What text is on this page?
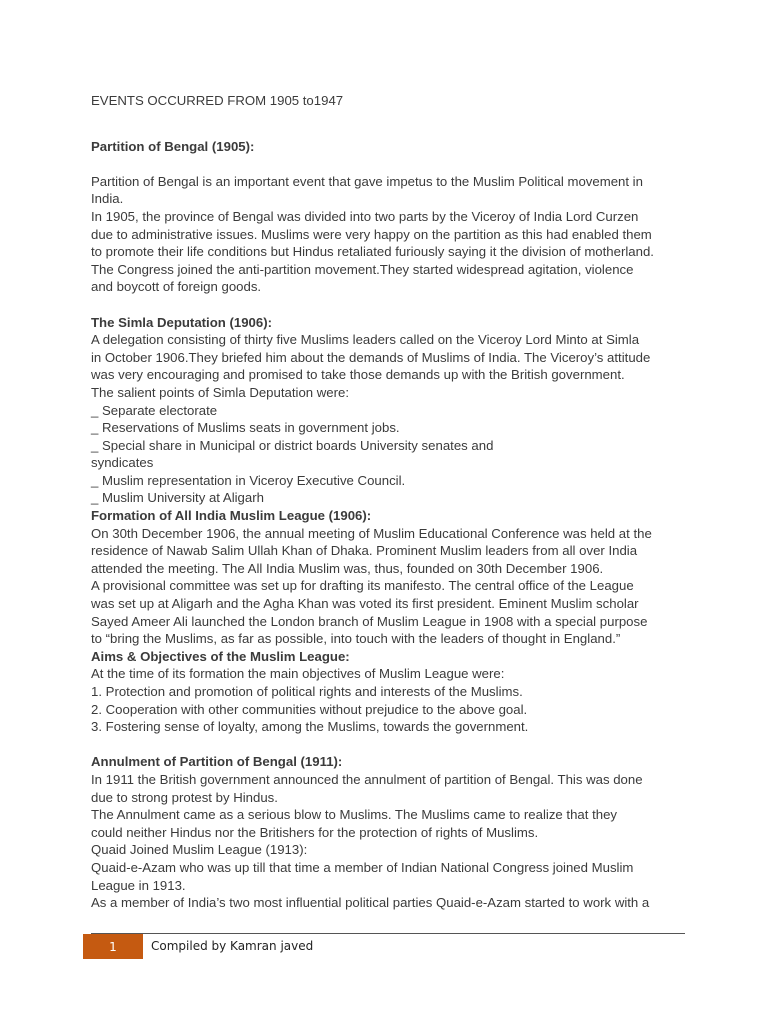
EVENTS OCCURRED FROM 1905 to1947

Partition of Bengal (1905):

Partition of Bengal is an important event that gave impetus to the Muslim Political movement in

India.

In 1905, the province of Bengal was divided into two parts by the Viceroy of India Lord Curzen

due to administrative issues. Muslims were very happy on the partition as this had enabled them

to promote their life conditions but Hindus retaliated furiously saying it the division of motherland.

The Congress joined the anti-partition movement.They started widespread agitation, violence

and boycott of foreign goods.

The Simla Deputation (1906):

A delegation consisting of thirty five Muslims leaders called on the Viceroy Lord Minto at Simla

in October 1906.They briefed him about the demands of Muslims of India. The Viceroy’s attitude

was very encouraging and promised to take those demands up with the British government.

The salient points of Simla Deputation were:

_ Separate electorate

_ Reservations of Muslims seats in government jobs.

_ Special share in Municipal or district boards University senates and

syndicates

_ Muslim representation in Viceroy Executive Council.

_ Muslim University at Aligarh

Formation of All India Muslim League (1906):

On 30th December 1906, the annual meeting of Muslim Educational Conference was held at the

residence of Nawab Salim Ullah Khan of Dhaka. Prominent Muslim leaders from all over India

attended the meeting. The All India Muslim was, thus, founded on 30th December 1906.

A provisional committee was set up for drafting its manifesto. The central office of the League

was set up at Aligarh and the Agha Khan was voted its first president. Eminent Muslim scholar

Sayed Ameer Ali launched the London branch of Muslim League in 1908 with a special purpose

to “bring the Muslims, as far as possible, into touch with the leaders of thought in England.”

Aims & Objectives of the Muslim League:

At the time of its formation the main objectives of Muslim League were:

1. Protection and promotion of political rights and interests of the Muslims.

2. Cooperation with other communities without prejudice to the above goal.

3. Fostering sense of loyalty, among the Muslims, towards the government.

Annulment of Partition of Bengal (1911):

In 1911 the British government announced the annulment of partition of Bengal. This was done

due to strong protest by Hindus.

The Annulment came as a serious blow to Muslims. The Muslims came to realize that they

could neither Hindus nor the Britishers for the protection of rights of Muslims.

Quaid Joined Muslim League (1913):

Quaid-e-Azam who was up till that time a member of Indian National Congress joined Muslim

League in 1913.

As a member of India’s two most influential political parties Quaid-e-Azam started to work with a

1	Compiled by Kamran javed
